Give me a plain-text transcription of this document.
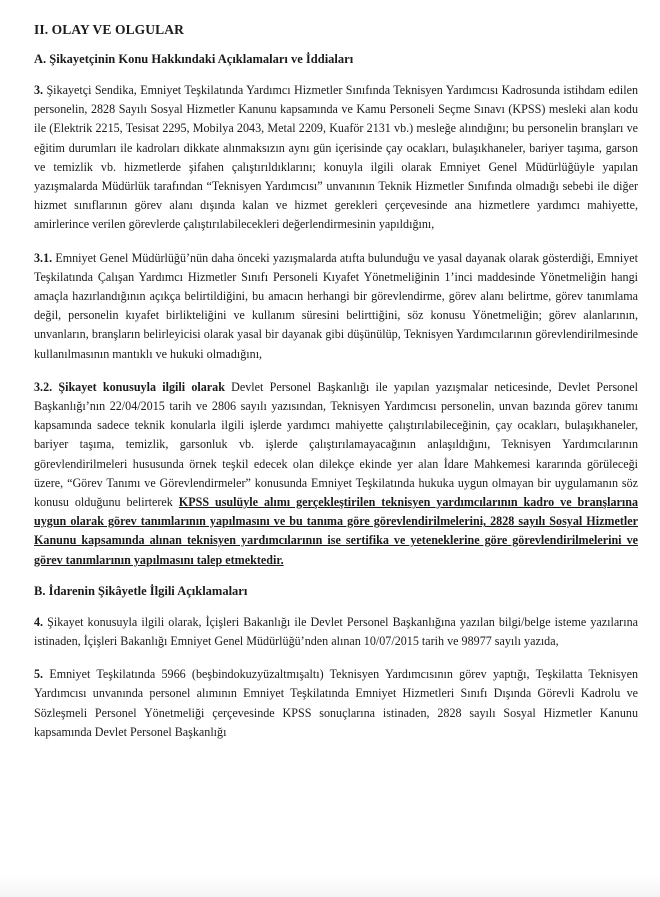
II. OLAY VE OLGULAR
A. Şikayetçinin Konu Hakkındaki Açıklamaları ve İddiaları

3. Şikayetçi Sendika, Emniyet Teşkilatında Yardımcı Hizmetler Sınıfında Teknisyen Yardımcısı Kadrosunda istihdam edilen personelin, 2828 Sayılı Sosyal Hizmetler Kanunu kapsamında ve Kamu Personeli Seçme Sınavı (KPSS) mesleki alan kodu ile (Elektrik 2215, Tesisat 2295, Mobilya 2043, Metal 2209, Kuaför 2131 vb.) mesleğe alındığını; bu personelin branşları ve eğitim durumları ile kadroları dikkate alınmaksızın aynı gün içerisinde çay ocakları, bulaşıkhaneler, bariyer taşıma, garson ve temizlik vb. hizmetlerde şifahen çalıştırıldıklarını; konuyla ilgili olarak Emniyet Genel Müdürlüğüyle yapılan yazışmalarda Müdürlük tarafından “Teknisyen Yardımcısı” unvanının Teknik Hizmetler Sınıfında olmadığı sebebi ile diğer hizmet sınıflarının görev alanı dışında kalan ve hizmet gerekleri çerçevesinde ana hizmetlere yardımcı mahiyette, amirlerince verilen görevlerde çalıştırılabilecekleri değerlendirmesinin yapıldığını,

3.1. Emniyet Genel Müdürlüğü’nün daha önceki yazışmalarda atıfta bulunduğu ve yasal dayanak olarak gösterdiği, Emniyet Teşkilatında Çalışan Yardımcı Hizmetler Sınıfı Personeli Kıyafet Yönetmeliğinin 1’inci maddesinde Yönetmeliğin hangi amaçla hazırlandığının açıkça belirtildiğini, bu amacın herhangi bir görevlendirme, görev alanı belirtme, görev tanımlama değil, personelin kıyafet birlikteliğini ve kullanım süresini belirttiğini, söz konusu Yönetmeliğin; görev alanlarının, unvanların, branşların belirleyicisi olarak yasal bir dayanak gibi düşünülüp, Teknisyen Yardımcılarının görevlendirilmesinde kullanılmasının mantıklı ve hukuki olmadığını,

3.2. Şikayet konusuyla ilgili olarak Devlet Personel Başkanlığı ile yapılan yazışmalar neticesinde, Devlet Personel Başkanlığı’nın 22/04/2015 tarih ve 2806 sayılı yazısından, Teknisyen Yardımcısı personelin, unvan bazında görev tanımı kapsamında sadece teknik konularla ilgili işlerde yardımcı mahiyette çalıştırılabileceğinin, çay ocakları, bulaşıkhaneler, bariyer taşıma, temizlik, garsonluk vb. işlerde çalıştırılamayacağının anlaşıldığını, Teknisyen Yardımcılarının görevlendirilmeleri hususunda örnek teşkil edecek olan dilekçe ekinde yer alan İdare Mahkemesi kararında görüleceği üzere, “Görev Tanımı ve Görevlendirmeler” konusunda Emniyet Teşkilatında hukuka uygun olmayan bir uygulamanın söz konusu olduğunu belirterek KPSS usulüyle alımı gerçekleştirilen teknisyen yardımcılarının kadro ve branşlarına uygun olarak görev tanımlarının yapılmasını ve bu tanıma göre görevlendirilmelerini, 2828 sayılı Sosyal Hizmetler Kanunu kapsamında alınan teknisyen yardımcılarının ise sertifika ve yeteneklerine göre görevlendirilmelerini ve görev tanımlarının yapılmasını talep etmektedir.

B. İdarenin Şikâyetle İlgili Açıklamaları

4. Şikayet konusuyla ilgili olarak, İçişleri Bakanlığı ile Devlet Personel Başkanlığına yazılan bilgi/belge isteme yazılarına istinaden, İçişleri Bakanlığı Emniyet Genel Müdürlüğü’nden alınan 10/07/2015 tarih ve 98977 sayılı yazıda,

5. Emniyet Teşkilatında 5966 (beşbindokuzyüzaltmışaltı) Teknisyen Yardımcısının görev yaptığı, Teşkilatta Teknisyen Yardımcısı unvanında personel alımının Emniyet Teşkilatında Emniyet Hizmetleri Sınıfı Dışında Görevli Kadrolu ve Sözleşmeli Personel Yönetmeliği çerçevesinde KPSS sonuçlarına istinaden, 2828 sayılı Sosyal Hizmetler Kanunu kapsamında Devlet Personel Başkanlığı
